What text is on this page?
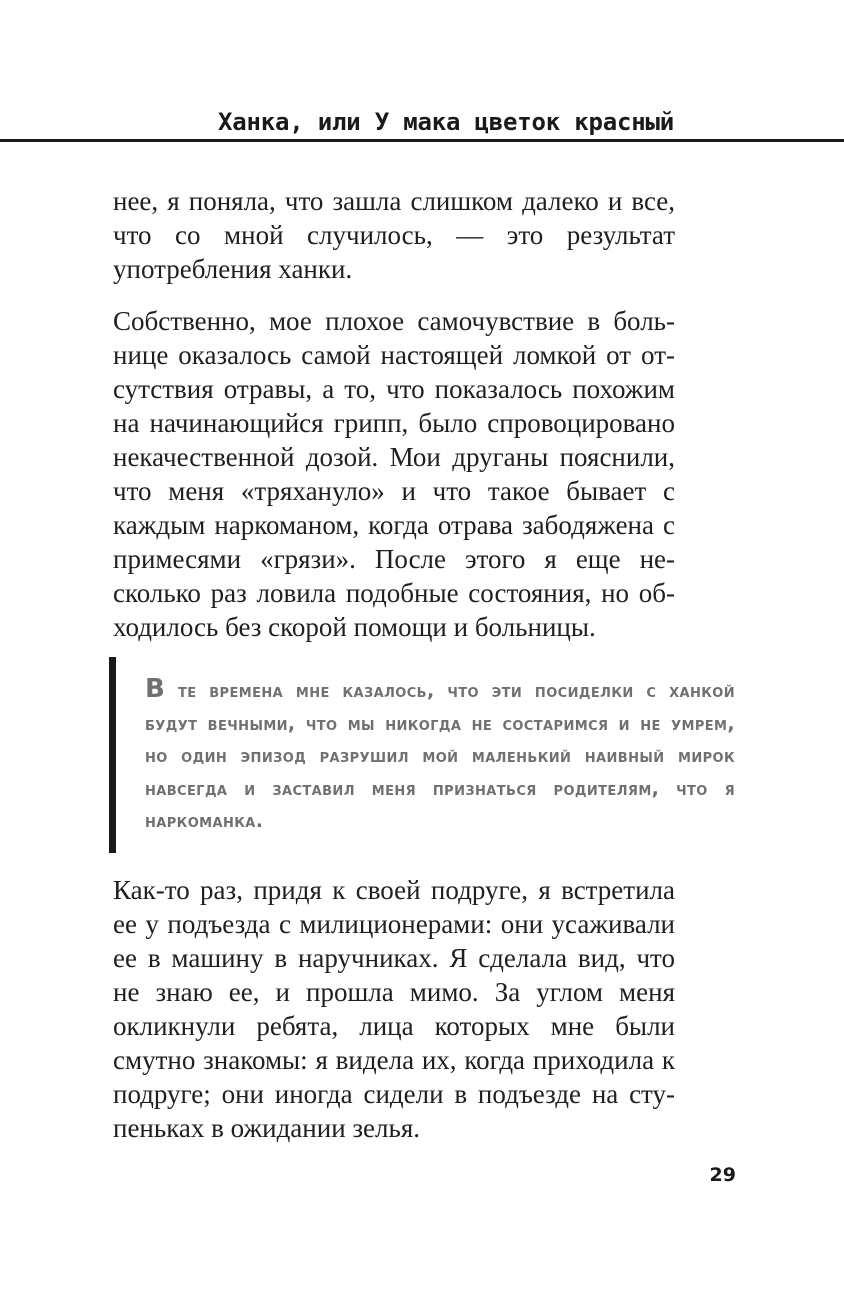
Ханка, или У мака цветок красный

нее, я поняла, что зашла слишком далеко и все, что со мной случилось, — это результат употребления ханки.

Собственно, мое плохое самочувствие в больнице оказалось самой настоящей ломкой от отсутствия отравы, а то, что показалось похожим на начинающийся грипп, было спровоцировано некачественной дозой. Мои друганы пояснили, что меня «тряхануло» и что такое бывает с каждым наркоманом, когда отрава забодяжена с примесями «грязи». После этого я еще несколько раз ловила подобные состояния, но обходилось без скорой помощи и больницы.

В те времена мне казалось, что эти посиделки с ханкой будут вечными, что мы никогда не состаримся и не умрем, но один эпизод разрушил мой маленький наивный мирок навсегда и заставил меня признаться родителям, что я наркоманка.

Как-то раз, придя к своей подруге, я встретила ее у подъезда с милиционерами: они усаживали ее в машину в наручниках. Я сделала вид, что не знаю ее, и прошла мимо. За углом меня окликнули ребята, лица которых мне были смутно знакомы: я видела их, когда приходила к подруге; они иногда сидели в подъезде на ступеньках в ожидании зелья.

29
